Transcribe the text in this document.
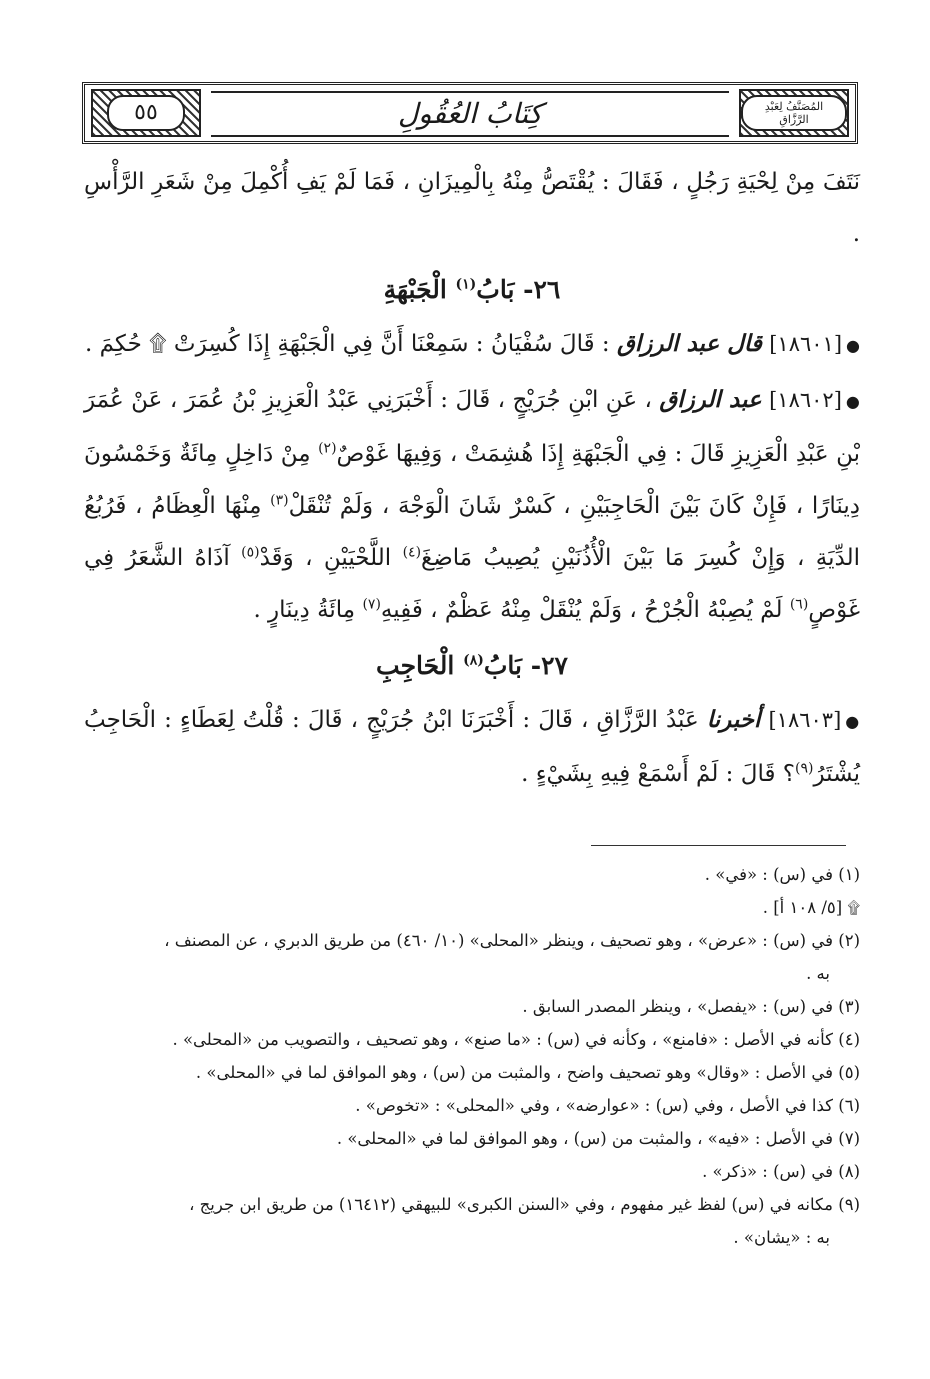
٥٥	كِتَابُ العُقُولِ	المُصَنَّفُ لِعَبْدِ الرَّزَّاقِ

نَتَفَ مِنْ لِحْيَةِ رَجُلٍ ، فَقَالَ : يُقْتَصُّ مِنْهُ بِالْمِيزَانِ ، فَمَا لَمْ يَفِ أُكْمِلَ مِنْ شَعَرِ الرَّأْسِ .

٢٦- بَابُ$^{(١)}$ الْجَبْهَةِ

●[١٨٦٠١] قال عبد الرزاق : قَالَ سُفْيَانُ : سَمِعْنَا أَنَّ فِي الْجَبْهَةِ إِذَا كُسِرَتْ ۩ حُكِمَ .

●[١٨٦٠٢] عبد الرزاق ، عَنِ ابْنِ جُرَيْجٍ ، قَالَ : أَخْبَرَنِي عَبْدُ الْعَزِيزِ بْنُ عُمَرَ ، عَنْ عُمَرَ بْنِ عَبْدِ الْعَزِيزِ قَالَ : فِي الْجَبْهَةِ إِذَا هُشِمَتْ ، وَفِيهَا غَوْصٌ$^{(٢)}$ مِنْ دَاخِلٍ مِائَةٌ وَخَمْسُونَ دِينَارًا ، فَإِنْ كَانَ بَيْنَ الْحَاجِبَيْنِ ، كَسْرٌ شَانَ الْوَجْهَ ، وَلَمْ تُنْقَلْ$^{(٣)}$ مِنْهَا الْعِظَامُ ، فَرُبُعُ الدِّيَةِ ، وَإِنْ كُسِرَ مَا بَيْنَ الْأُذُنَيْنِ يُصِيبُ مَاضِغَ$^{(٤)}$ اللَّحْيَيْنِ ، وَقَدْ$^{(٥)}$ آذَاهُ الشَّعَرُ فِي غَوْصٍ$^{(٦)}$ لَمْ يُصِبْهُ الْجُرْحُ ، وَلَمْ يُنْقَلْ مِنْهُ عَظْمٌ ، فَفِيهِ$^{(٧)}$ مِائَةُ دِينَارٍ .

٢٧- بَابُ$^{(٨)}$ الْحَاجِبِ

●[١٨٦٠٣] أخبرنا عَبْدُ الرَّزَّاقِ ، قَالَ : أَخْبَرَنَا ابْنُ جُرَيْجٍ ، قَالَ : قُلْتُ لِعَطَاءٍ : الْحَاجِبُ يُشْتَرُ$^{(٩)}$؟ قَالَ : لَمْ أَسْمَعْ فِيهِ بِشَيْءٍ .

(١) في (س) : «في» .

۩ [٥/ ١٠٨ أ] .

(٢) في (س) : «عرض» ، وهو تصحيف ، وينظر «المحلى» (١٠/ ٤٦٠) من طريق الدبري ، عن المصنف ،
به .

(٣) في (س) : «يفصل» ، وينظر المصدر السابق .

(٤) كأنه في الأصل : «فامنع» ، وكأنه في (س) : «ما صنع» ، وهو تصحيف ، والتصويب من «المحلى» .

(٥) في الأصل : «وقال» وهو تصحيف واضح ، والمثبت من (س) ، وهو الموافق لما في «المحلى» .

(٦) كذا في الأصل ، وفي (س) : «عوارضه» ، وفي «المحلى» : «تخوص» .

(٧) في الأصل : «فيه» ، والمثبت من (س) ، وهو الموافق لما في «المحلى» .

(٨) في (س) : «ذكر» .

(٩) مكانه في (س) لفظ غير مفهوم ، وفي «السنن الكبرى» للبيهقي (١٦٤١٢) من طريق ابن جريج ،
به : «يشان» .
